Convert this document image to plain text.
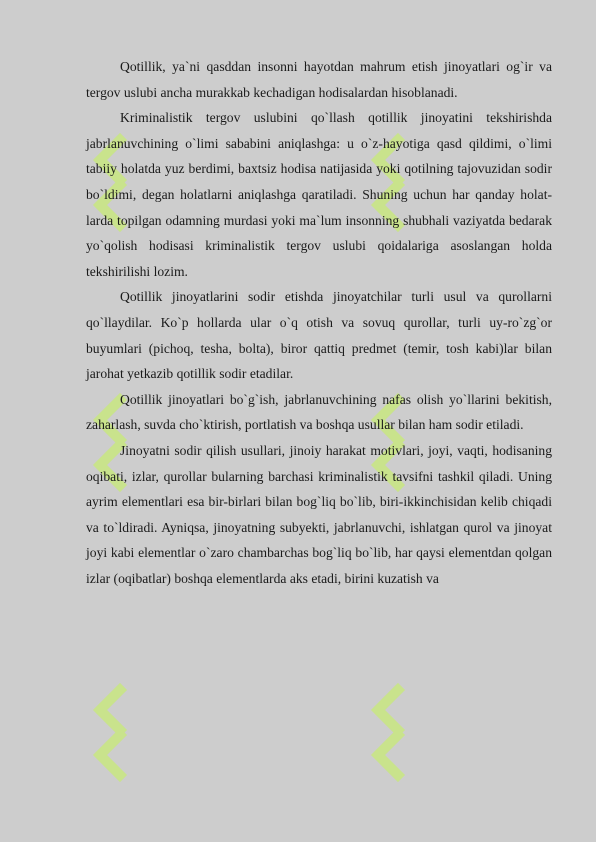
Qotillik, ya`ni qasddan insonni hayotdan mahrum etish jinoyatlari og`ir va tergov uslubi ancha murakkab kechadigan hodisalardan hisoblanadi.

Kriminalistik tergov uslubini qo`llash qotillik jinoyatini tekshirishda jabrlanuvchining o`limi sababini aniqlashga: u o`z-hayotiga qasd qildimi, o`limi tabiiy holatda yuz berdimi, baxtsiz hodisa natijasida yoki qotilning tajovuzidan sodir bo`ldimi, degan holatlarni aniqlashga qaratiladi. Shuning uchun har qanday holat-larda topilgan odamning murdasi yoki ma`lum insonning shubhali vaziyatda bedarak yo`qolish hodisasi kriminalistik tergov uslubi qoidalariga asoslangan holda tekshirilishi lozim.

Qotillik jinoyatlarini sodir etishda jinoyatchilar turli usul va qurollarni qo`llaydilar. Ko`p hollarda ular o`q otish va sovuq qurollar, turli uy-ro`zg`or buyumlari (pichoq, tesha, bolta), biror qattiq predmet (temir, tosh kabi)lar bilan jarohat yetkazib qotillik sodir etadilar.

Qotillik jinoyatlari bo`g`ish, jabrlanuvchining nafas olish yo`llarini bekitish, zaharlash, suvda cho`ktirish, portlatish va boshqa usullar bilan ham sodir etiladi.

Jinoyatni sodir qilish usullari, jinoiy harakat motivlari, joyi, vaqti, hodisaning oqibati, izlar, qurollar bularning barchasi kriminalistik tavsifni tashkil qiladi. Uning ayrim elementlari esa bir-birlari bilan bog`liq bo`lib, biri-ikkinchisidan kelib chiqadi va to`ldiradi. Ayniqsa, jinoyatning subyekti, jabrlanuvchi, ishlatgan qurol va jinoyat joyi kabi elementlar o`zaro chambarchas bog`liq bo`lib, har qaysi elementdan qolgan izlar (oqibatlar) boshqa elementlarda aks etadi, birini kuzatish va
